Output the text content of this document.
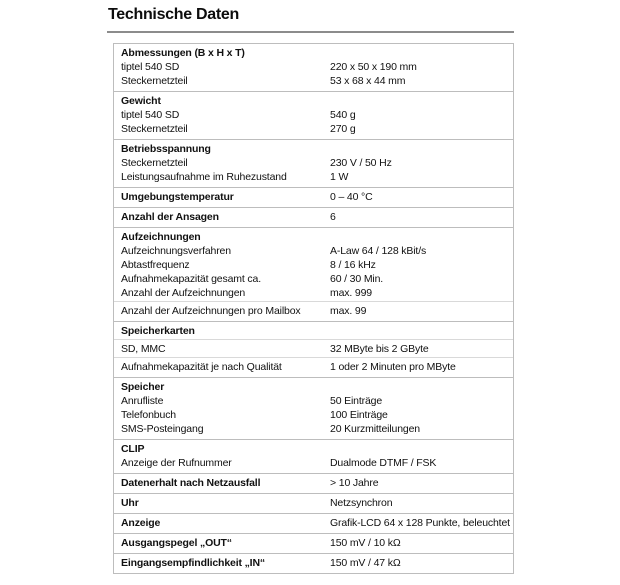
Technische Daten
Abmessungen (B x H x T)
tiptel 540 SD	220 x 50 x 190 mm
Steckernetzteil	53 x 68 x 44 mm
Gewicht
tiptel 540 SD	540 g
Steckernetzteil	270 g
Betriebsspannung
Steckernetzteil	230 V / 50 Hz
Leistungsaufnahme im Ruhezustand	1 W
Umgebungstemperatur	0 – 40 °C
Anzahl der Ansagen	6
Aufzeichnungen
Aufzeichnungsverfahren	A-Law 64 / 128 kBit/s
Abtastfrequenz	8 / 16 kHz
Aufnahmekapazität gesamt ca.	60 / 30 Min.
Anzahl der Aufzeichnungen	max. 999
Anzahl der Aufzeichnungen pro Mailbox	max. 99
Speicherkarten
SD, MMC	32 MByte bis 2 GByte
Aufnahmekapazität je nach Qualität	1 oder 2 Minuten pro MByte
Speicher
Anrufliste	50 Einträge
Telefonbuch	100 Einträge
SMS-Posteingang	20 Kurzmitteilungen
CLIP
Anzeige der Rufnummer	Dualmode DTMF / FSK
Datenerhalt nach Netzausfall	> 10 Jahre
Uhr	Netzsynchron
Anzeige	Grafik-LCD 64 x 128 Punkte, beleuchtet
Ausgangspegel „OUT“	150 mV / 10 kΩ
Eingangsempfindlichkeit „IN“	150 mV / 47 kΩ
